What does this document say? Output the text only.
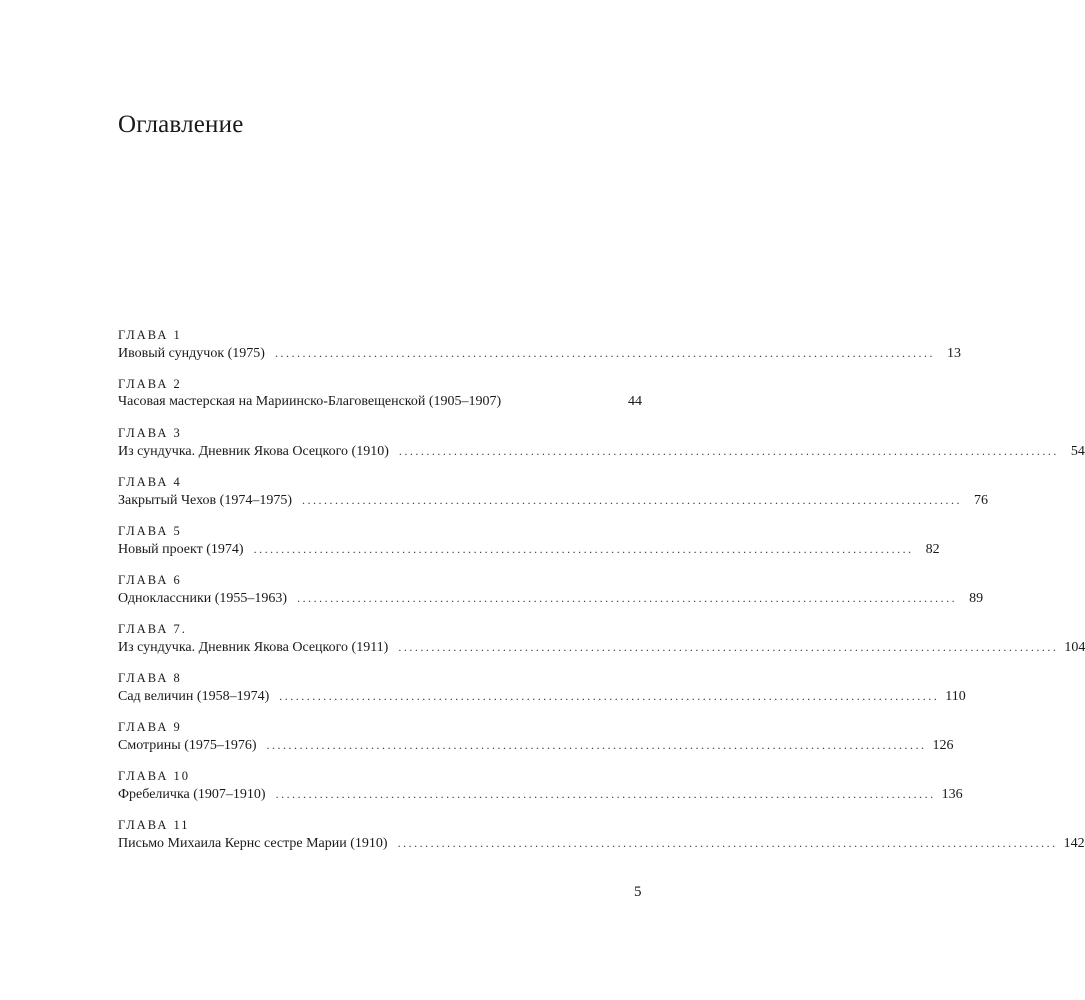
Оглавление
ГЛАВА 1
Ивовый сундучок (1975) ........................................................................................................................ 13
ГЛАВА 2
Часовая мастерская на Мариинско-Благовещенской (1905–1907)	44
ГЛАВА 3
Из сундучка. Дневник Якова Осецкого (1910) ........................................................................................................................ 54
ГЛАВА 4
Закрытый Чехов (1974–1975) ........................................................................................................................ 76
ГЛАВА 5
Новый проект (1974) ........................................................................................................................ 82
ГЛАВА 6
Одноклассники (1955–1963) ........................................................................................................................ 89
ГЛАВА 7.
Из сундучка. Дневник Якова Осецкого (1911) ........................................................................................................................ 104
ГЛАВА 8
Сад величин (1958–1974) ........................................................................................................................ 110
ГЛАВА 9
Смотрины (1975–1976) ........................................................................................................................ 126
ГЛАВА 10
Фребеличка (1907–1910) ........................................................................................................................ 136
ГЛАВА 11
Письмо Михаила Кернс сестре Марии (1910) ........................................................................................................................ 142
5
